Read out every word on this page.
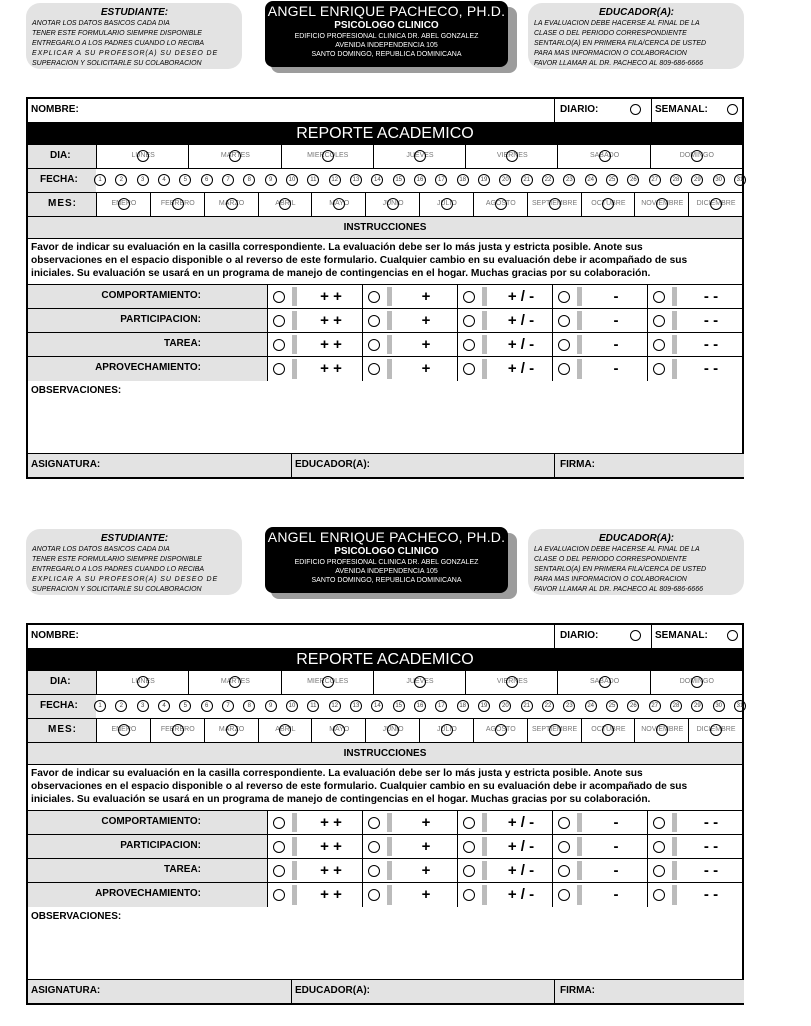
ESTUDIANTE:
ANOTAR LOS DATOS BASICOS CADA DIA
TENER ESTE FORMULARIO SIEMPRE DISPONIBLE
ENTREGARLO A LOS PADRES CUANDO LO RECIBA
EXPLICAR A SU PROFESOR(A) SU DESEO DE
SUPERACION Y SOLICITARLE SU COLABORACION
ANGEL ENRIQUE PACHECO, PH.D.
PSICOLOGO CLINICO
EDIFICIO PROFESIONAL CLINICA DR. ABEL GONZALEZ
AVENIDA INDEPENDENCIA 105
SANTO DOMINGO, REPUBLICA DOMINICANA
EDUCADOR(A):
LA EVALUACION DEBE HACERSE AL FINAL DE LA
CLASE O DEL PERIODO CORRESPONDIENTE
SENTARLO(A) EN PRIMERA FILA/CERCA DE USTED
PARA MAS INFORMACION O COLABORACION
FAVOR LLAMAR AL DR. PACHECO AL 809-686-6666
NOMBRE:	DIARIO:	SEMANAL:
REPORTE ACADEMICO
DIA:	LUNES	MARTES	MIERCOLES	JUEVES	VIERNES	SABADO	DOMINGO
FECHA:	1	2	3	4	5	6	7	8	9	10	11	12	13	14	15	16	17	18	19	20	21	22	23	24	25	26	27	28	29	30	31
MES:	ENERO	FEBRERO	MARZO	ABRIL	MAYO	JUNIO	JULIO	AGOSTO	SEPTIEMBRE	OCTUBRE	NOVIEMBRE	DICIEMBRE
INSTRUCCIONES
Favor de indicar su evaluación en la casilla correspondiente. La evaluación debe ser lo más justa y estricta posible. Anote sus
observaciones en el espacio disponible o al reverso de este formulario. Cualquier cambio en su evaluación debe ir acompañado de sus
iniciales. Su evaluación se usará en un programa de manejo de contingencias en el hogar. Muchas gracias por su colaboración.
COMPORTAMIENTO:	+ +	+	+ / -	-	- -
PARTICIPACION:	+ +	+	+ / -	-	- -
TAREA:	+ +	+	+ / -	-	- -
APROVECHAMIENTO:	+ +	+	+ / -	-	- -
OBSERVACIONES:
ASIGNATURA:	EDUCADOR(A):	FIRMA:
ESTUDIANTE:
ANOTAR LOS DATOS BASICOS CADA DIA
TENER ESTE FORMULARIO SIEMPRE DISPONIBLE
ENTREGARLO A LOS PADRES CUANDO LO RECIBA
EXPLICAR A SU PROFESOR(A) SU DESEO DE
SUPERACION Y SOLICITARLE SU COLABORACION
ANGEL ENRIQUE PACHECO, PH.D.
PSICOLOGO CLINICO
EDIFICIO PROFESIONAL CLINICA DR. ABEL GONZALEZ
AVENIDA INDEPENDENCIA 105
SANTO DOMINGO, REPUBLICA DOMINICANA
EDUCADOR(A):
LA EVALUACION DEBE HACERSE AL FINAL DE LA
CLASE O DEL PERIODO CORRESPONDIENTE
SENTARLO(A) EN PRIMERA FILA/CERCA DE USTED
PARA MAS INFORMACION O COLABORACION
FAVOR LLAMAR AL DR. PACHECO AL 809-686-6666
NOMBRE:	DIARIO:	SEMANAL:
REPORTE ACADEMICO
DIA:	LUNES	MARTES	MIERCOLES	JUEVES	VIERNES	SABADO	DOMINGO
FECHA:	1	2	3	4	5	6	7	8	9	10	11	12	13	14	15	16	17	18	19	20	21	22	23	24	25	26	27	28	29	30	31
MES:	ENERO	FEBRERO	MARZO	ABRIL	MAYO	JUNIO	JULIO	AGOSTO	SEPTIEMBRE	OCTUBRE	NOVIEMBRE	DICIEMBRE
INSTRUCCIONES
Favor de indicar su evaluación en la casilla correspondiente. La evaluación debe ser lo más justa y estricta posible. Anote sus
observaciones en el espacio disponible o al reverso de este formulario. Cualquier cambio en su evaluación debe ir acompañado de sus
iniciales. Su evaluación se usará en un programa de manejo de contingencias en el hogar. Muchas gracias por su colaboración.
COMPORTAMIENTO:	+ +	+	+ / -	-	- -
PARTICIPACION:	+ +	+	+ / -	-	- -
TAREA:	+ +	+	+ / -	-	- -
APROVECHAMIENTO:	+ +	+	+ / -	-	- -
OBSERVACIONES:
ASIGNATURA:	EDUCADOR(A):	FIRMA:
